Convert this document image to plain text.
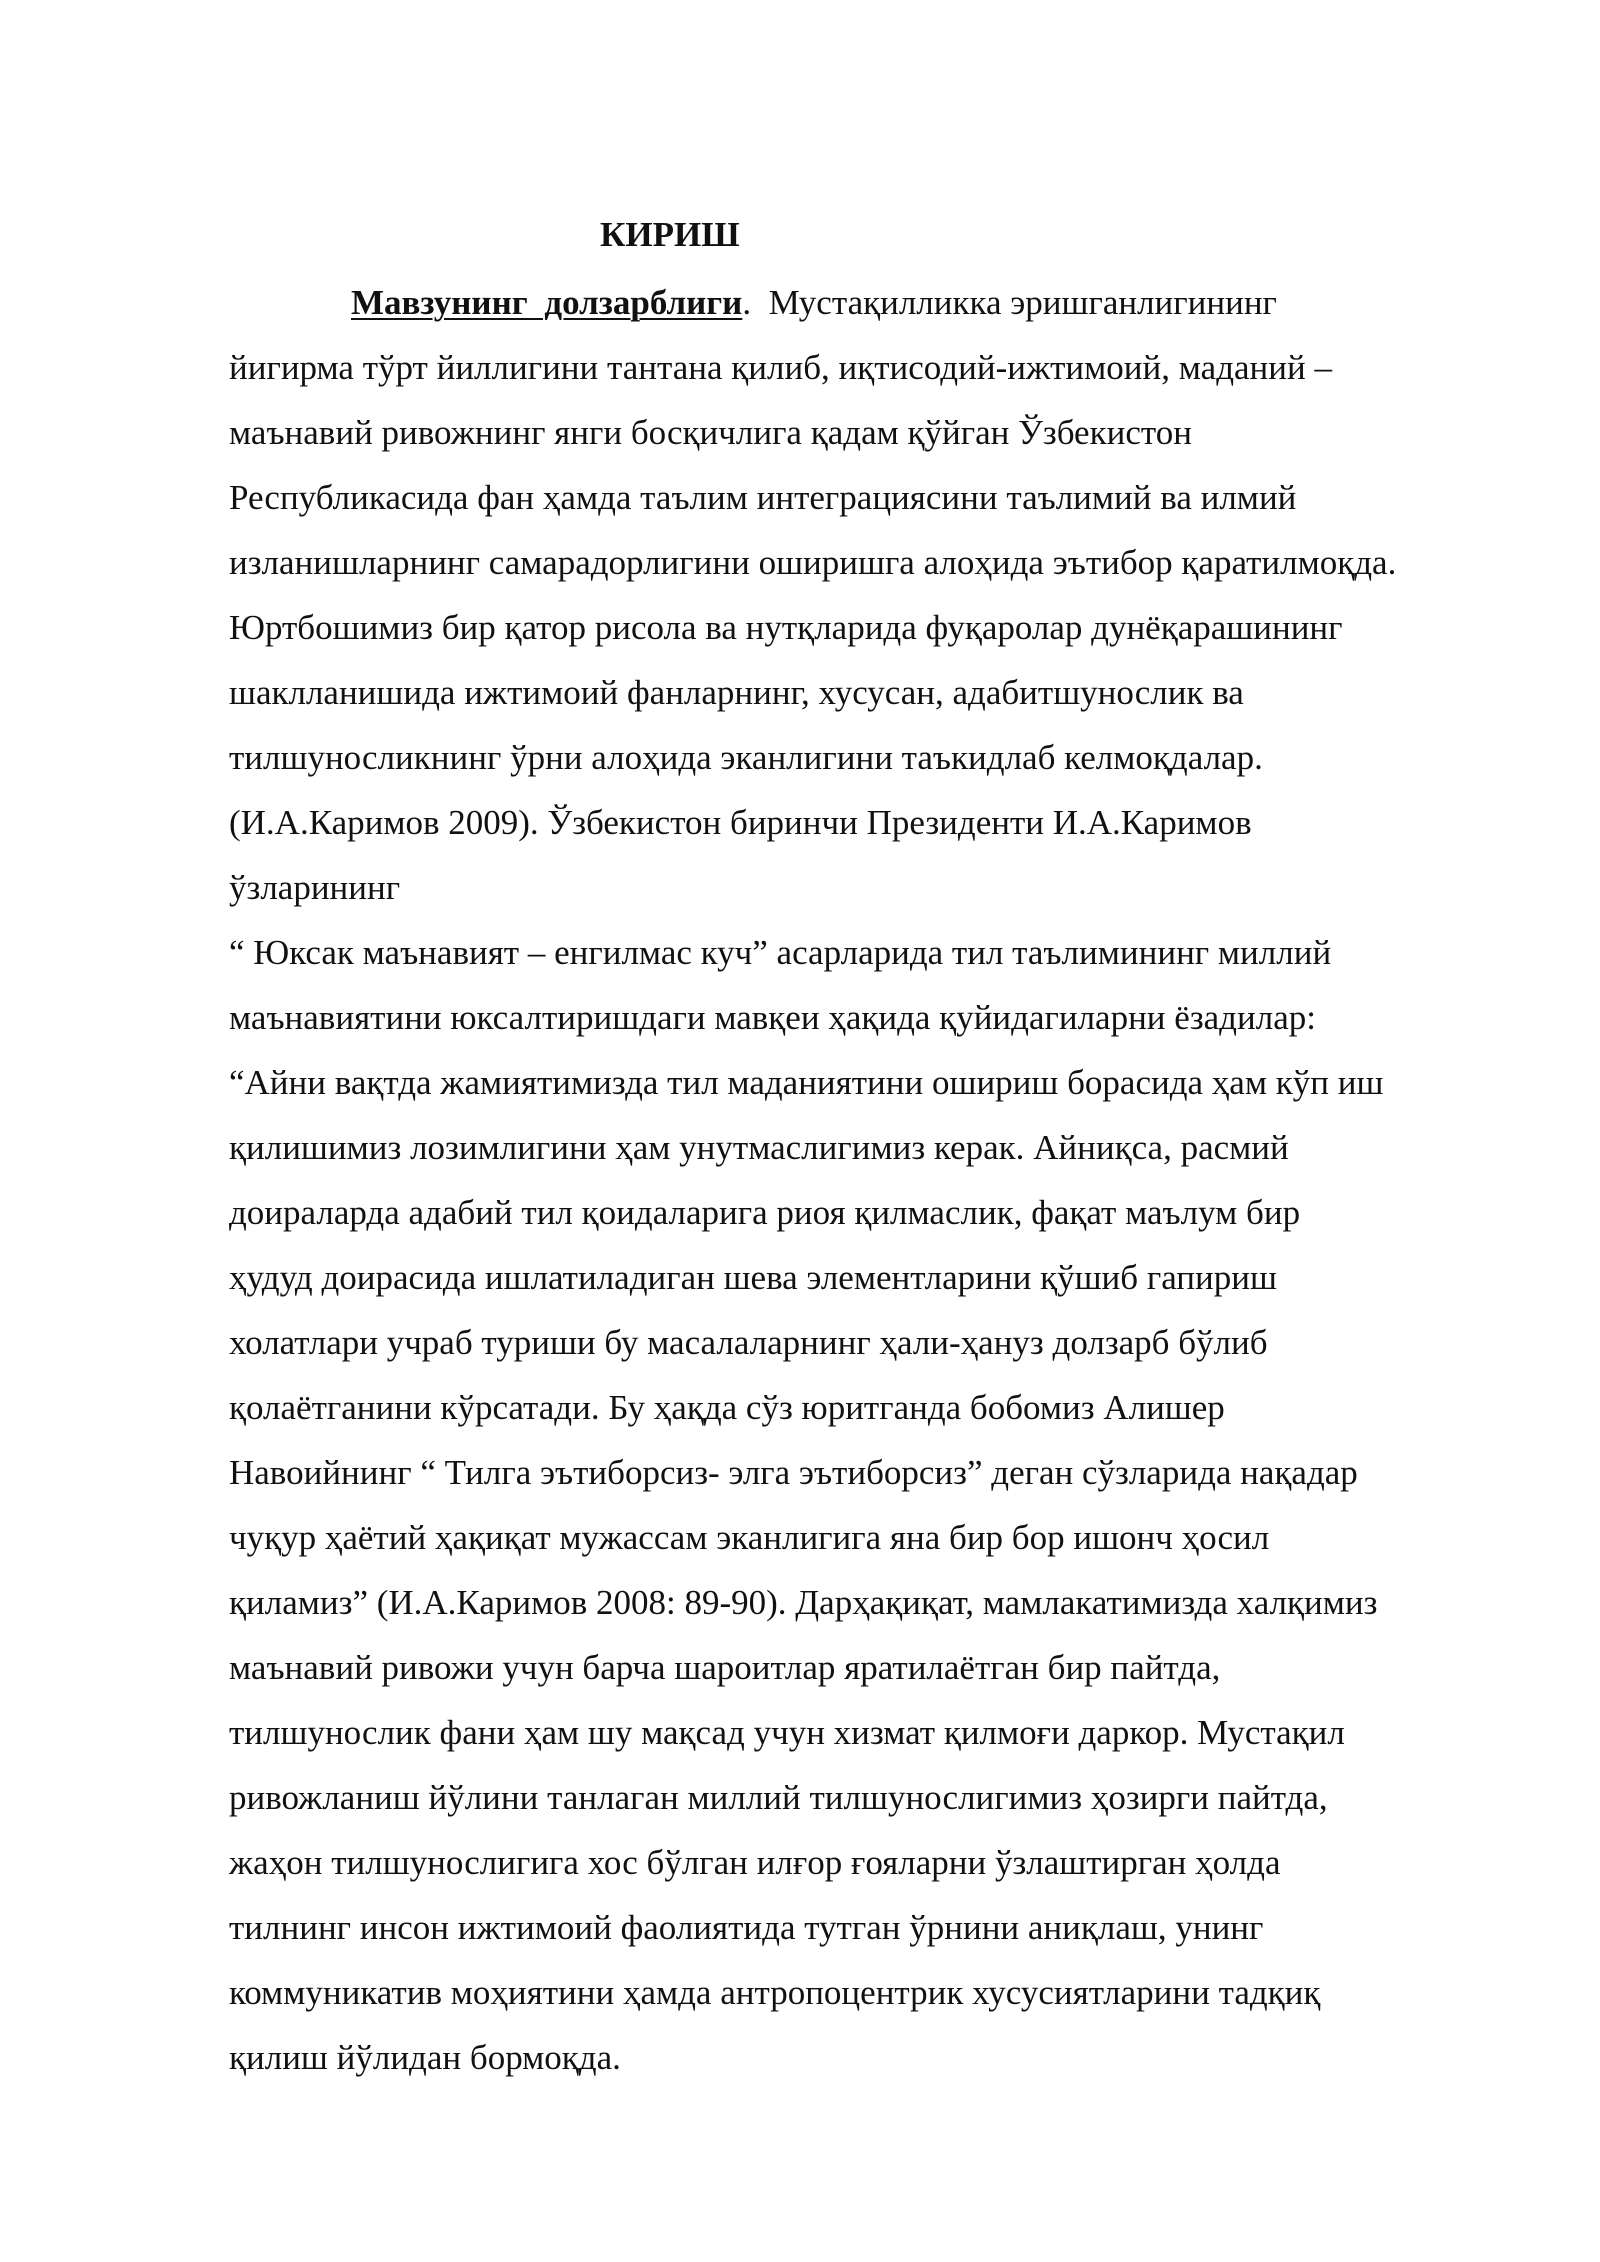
КИРИШ
Мавзунинг долзарблиги.  Мустақилликка эришганлигининг
йигирма тўрт йиллигини тантана қилиб, иқтисодий-ижтимоий, маданий –
маънавий ривожнинг янги босқичлига қадам қўйган Ўзбекистон
Республикасида фан ҳамда таълим интеграциясини таълимий ва илмий
изланишларнинг самарадорлигини оширишга алоҳида эътибор қаратилмоқда.
Юртбошимиз бир қатор рисола ва нутқларида фуқаролар дунёқарашининг
шаклланишида ижтимоий фанларнинг, хусусан, адабитшунослик ва
тилшуносликнинг ўрни алоҳида эканлигини таъкидлаб келмоқдалар.
(И.А.Каримов 2009). Ўзбекистон биринчи Президенти И.А.Каримов
ўзларининг
“ Юксак маънавият – енгилмас куч” асарларида тил таълимининг миллий
маънавиятини юксалтиришдаги мавқеи ҳақида қуйидагиларни ёзадилар:
“Айни вақтда жамиятимизда тил маданиятини ошириш борасида ҳам кўп иш
қилишимиз лозимлигини ҳам унутмаслигимиз керак. Айниқса, расмий
доираларда адабий тил қоидаларига риоя қилмаслик, фақат маълум бир
ҳудуд доирасида ишлатиладиган шева элементларини қўшиб гапириш
холатлари учраб туриши бу масалаларнинг ҳали-ҳануз долзарб бўлиб
қолаётганини кўрсатади. Бу ҳақда сўз юритганда бобомиз Алишер
Навоийнинг “ Тилга эътиборсиз- элга эътиборсиз” деган сўзларида нақадар
чуқур ҳаётий ҳақиқат мужассам эканлигига яна бир бор ишонч ҳосил
қиламиз” (И.А.Каримов 2008: 89-90). Дарҳақиқат, мамлакатимизда халқимиз
маънавий ривожи учун барча шароитлар яратилаётган бир пайтда,
тилшунослик фани ҳам шу мақсад учун хизмат қилмоғи даркор. Мустақил
ривожланиш йўлини танлаган миллий тилшунослигимиз ҳозирги пайтда,
жаҳон тилшунослигига хос бўлган илғор ғояларни ўзлаштирган ҳолда
тилнинг инсон ижтимоий фаолиятида тутган ўрнини аниқлаш, унинг
коммуникатив моҳиятини ҳамда антропоцентрик хусусиятларини тадқиқ
қилиш йўлидан бормоқда.
